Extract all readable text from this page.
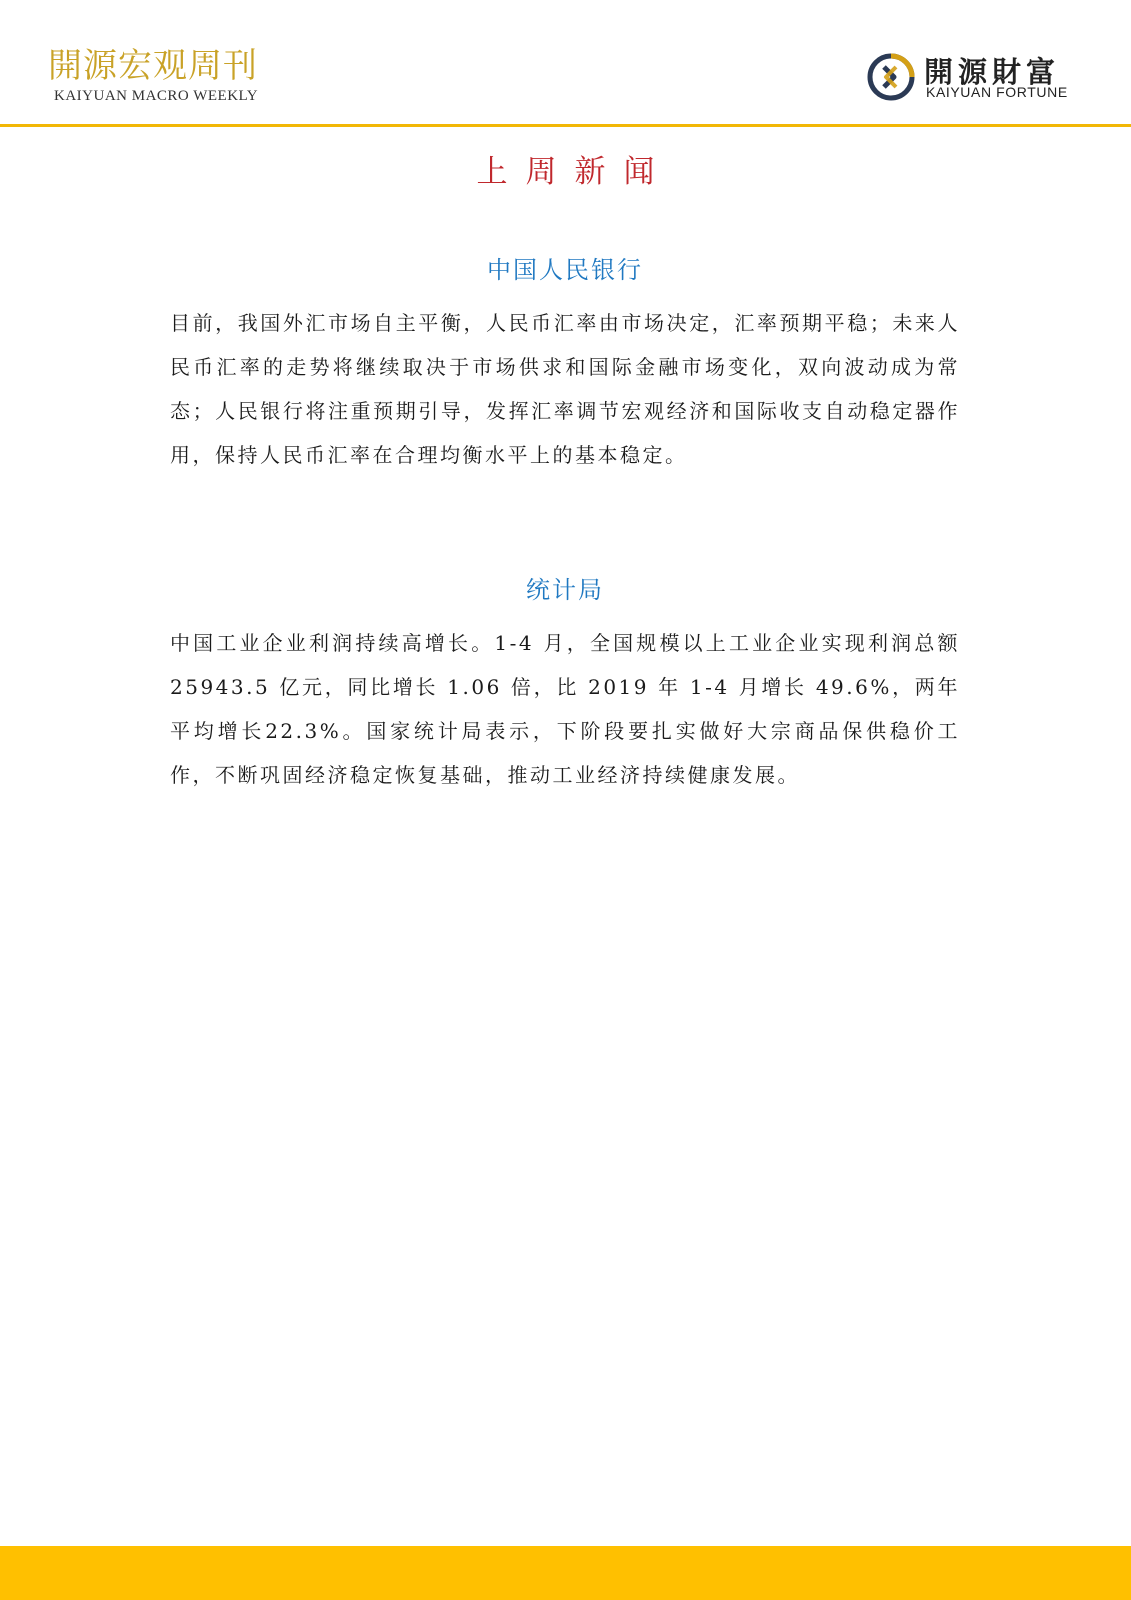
開源宏观周刊
KAIYUAN MACRO WEEKLY
開源財富
KAIYUAN FORTUNE
上周新闻
中国人民银行

目前，我国外汇市场自主平衡，人民币汇率由市场决定，汇率预期平稳；未来人民币汇率的走势将继续取决于市场供求和国际金融市场变化，双向波动成为常态；人民银行将注重预期引导，发挥汇率调节宏观经济和国际收支自动稳定器作用，保持人民币汇率在合理均衡水平上的基本稳定。

统计局

中国工业企业利润持续高增长。1-4 月，全国规模以上工业企业实现利润总额25943.5 亿元，同比增长 1.06 倍，比 2019 年 1-4 月增长 49.6%，两年平均增长22.3%。国家统计局表示，下阶段要扎实做好大宗商品保供稳价工作，不断巩固经济稳定恢复基础，推动工业经济持续健康发展。
